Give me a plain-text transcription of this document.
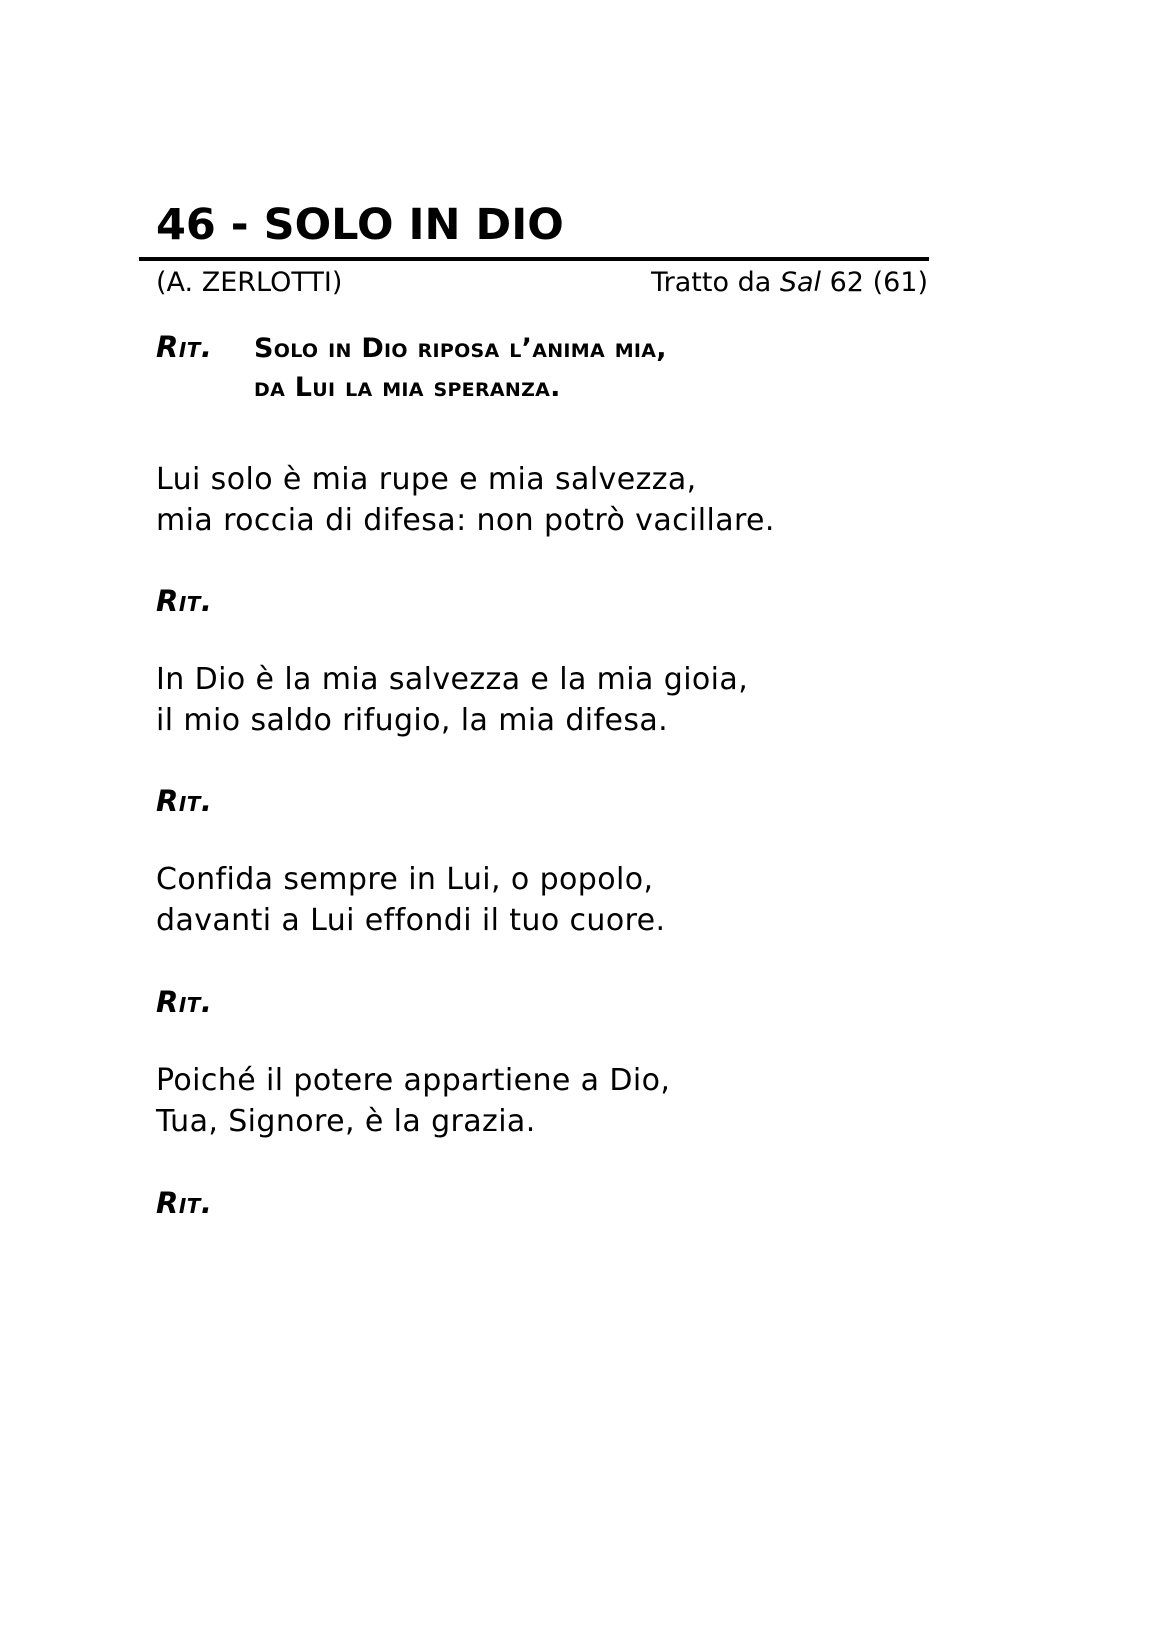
46 - SOLO IN DIO
(A. ZERLOTTI)	Tratto da Sal 62 (61)
Rit. Solo in Dio riposa l’anima mia,
da Lui la mia speranza.
Lui solo è mia rupe e mia salvezza,
mia roccia di difesa: non potrò vacillare.
Rit.
In Dio è la mia salvezza e la mia gioia,
il mio saldo rifugio, la mia difesa.
Rit.
Confida sempre in Lui, o popolo,
davanti a Lui effondi il tuo cuore.
Rit.
Poiché il potere appartiene a Dio,
Tua, Signore, è la grazia.
Rit.
